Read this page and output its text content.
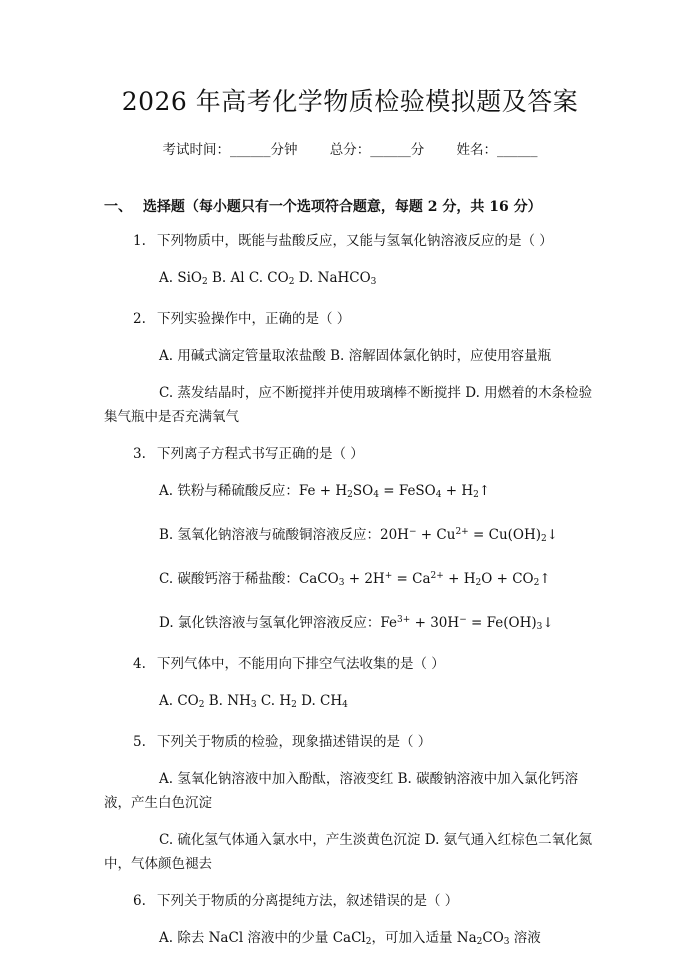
2026 年高考化学物质检验模拟题及答案
考试时间：______分钟 总分：______分 姓名：______
一、 选择题（每小题只有一个选项符合题意，每题 2 分，共 16 分）
1. 下列物质中，既能与盐酸反应，又能与氢氧化钠溶液反应的是（ ）
A. SiO$_2$ B. Al C. $CO_2$ D. NaHCO$_3$
2. 下列实验操作中，正确的是（ ）
A. 用碱式滴定管量取浓盐酸 B. 溶解固体氯化钠时，应使用容量瓶
C. 蒸发结晶时，应不断搅拌并使用玻璃棒不断搅拌 D. 用燃着的木条检验集气瓶中是否充满氧气
3. 下列离子方程式书写正确的是（ ）
A. 铁粉与稀硫酸反应：$Fe + H_2SO_4$ = FeSO$_4$ + $H_2↑$
B. 氢氧化钠溶液与硫酸铜溶液反应：$20H^- + Cu^{2+}$ = $Cu(OH)_2↓$
C. 碳酸钙溶于稀盐酸：CaCO$_3$ + $2H^+ = Ca^{2+} + H_2O$ + $CO_2↑$
D. 氯化铁溶液与氢氧化钾溶液反应：$Fe^{3+} + 30H^-$ = $Fe(OH)_3↓$
4. 下列气体中，不能用向下排空气法收集的是（ ）
A. $CO_2$ B. $NH_3$ C. $H_2$ D. $CH_4$
5. 下列关于物质的检验，现象描述错误的是（ ）
A. 氢氧化钠溶液中加入酚酞，溶液变红 B. 碳酸钠溶液中加入氯化钙溶液，产生白色沉淀
C. 硫化氢气体通入氯水中，产生淡黄色沉淀 D. 氨气通入红棕色二氧化氮中，气体颜色褪去
6. 下列关于物质的分离提纯方法，叙述错误的是（ ）
A. 除去 NaCl 溶液中的少量 CaCl$_2$，可加入适量 $Na_2CO_3$ 溶液
